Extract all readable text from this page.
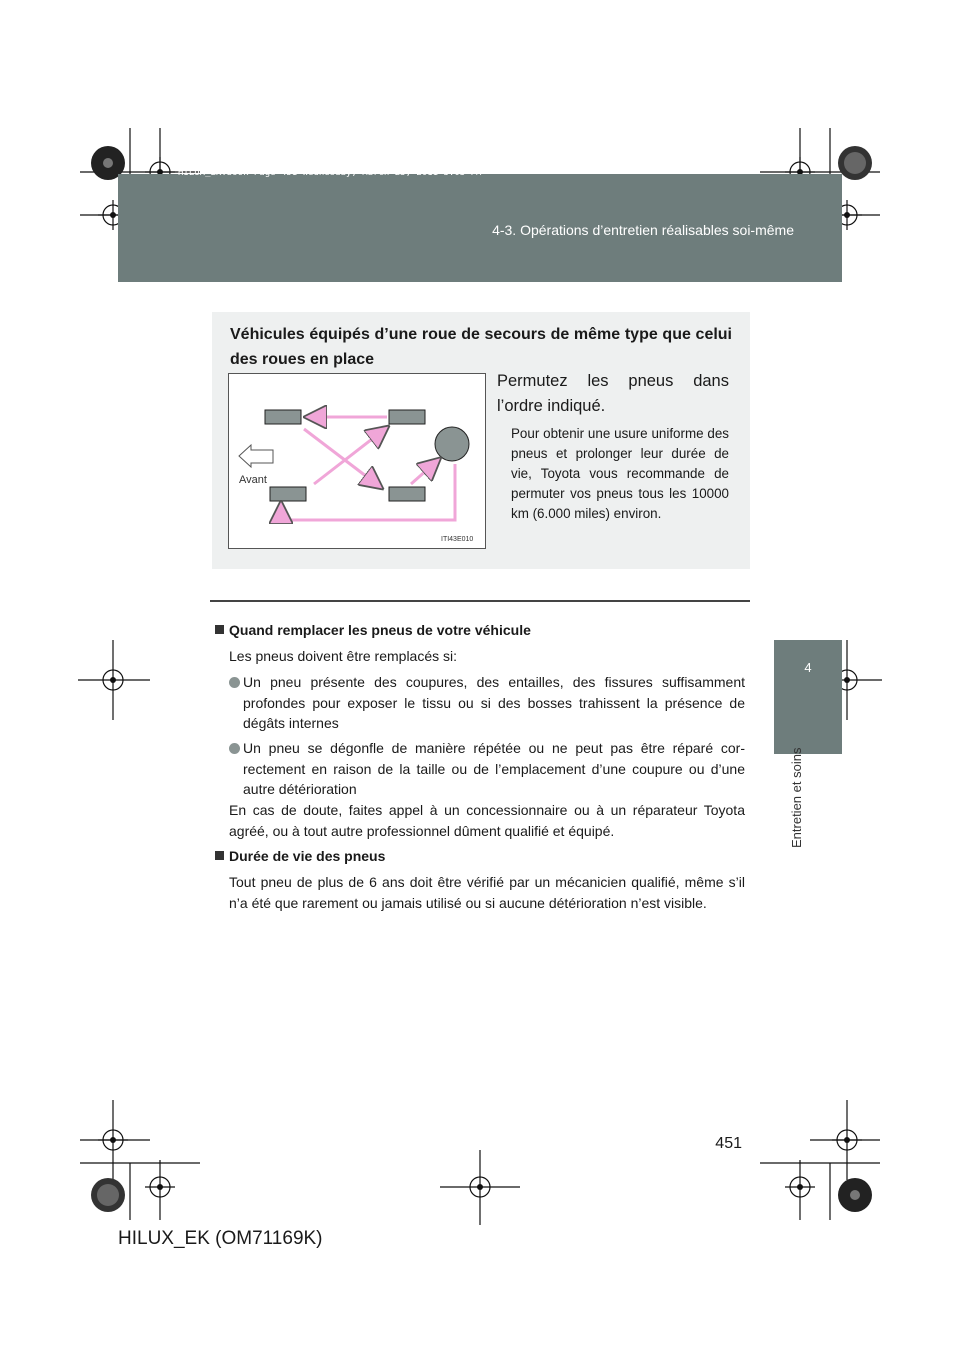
HILUX_EK.book Page 451 Wednesday, March 23, 2011 3:03 PM
4-3. Opérations d’entretien réalisables soi-même
4
Entretien et soins
Véhicules équipés d’une roue de secours de même type que celui des roues en place
Permutez les pneus dans l’ordre indiqué.
Pour obtenir une usure uniforme des pneus et prolonger leur durée de vie, Toyota vous recommande de permuter vos pneus tous les 10000 km (6.000 miles) environ.
Avant
ITI43E010
Quand remplacer les pneus de votre véhicule
Les pneus doivent être remplacés si:
Un pneu présente des coupures, des entailles, des fissures suffisamment profondes pour exposer le tissu ou si des bosses trahissent la présence de dégâts internes
Un pneu se dégonfle de manière répétée ou ne peut pas être réparé correctement en raison de la taille ou de l’emplacement d’une coupure ou d’une autre détérioration
En cas de doute, faites appel à un concessionnaire ou à un réparateur Toyota agréé, ou à tout autre professionnel dûment qualifié et équipé.
Durée de vie des pneus
Tout pneu de plus de 6 ans doit être vérifié par un mécanicien qualifié, même s’il n’a été que rarement ou jamais utilisé ou si aucune détérioration n’est visible.
451
HILUX_EK (OM71169K)
